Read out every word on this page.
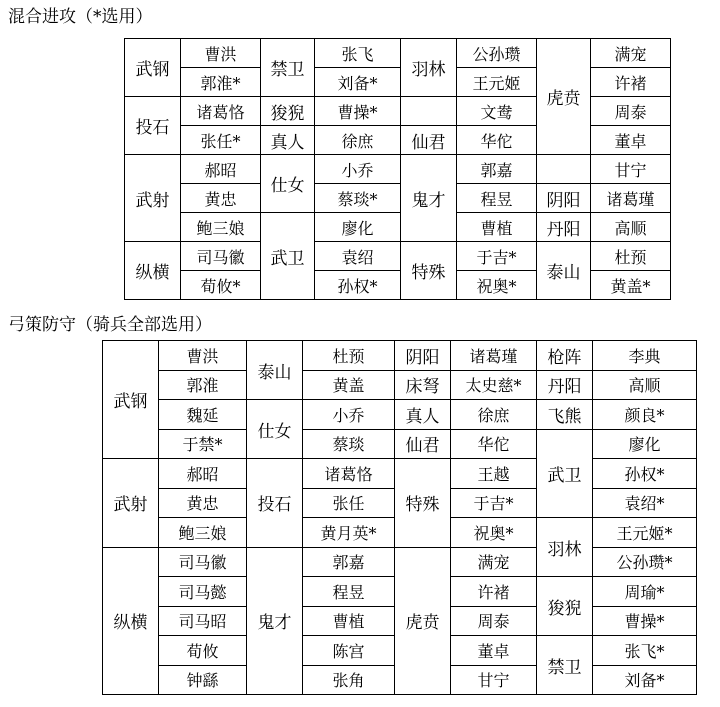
混合进攻（*选用）
武钢	曹洪	禁卫	张飞	羽林	公孙瓒	虎贲	满宠
	郭淮*		刘备*		王元姬		许褚
投石	诸葛恪	狻猊	曹操*		文鸯		周泰
	张任*	真人	徐庶	仙君	华佗		董卓
武射	郝昭	仕女	小乔	鬼才	郭嘉		甘宁
	黄忠		蔡琰*		程昱	阴阳	诸葛瑾
	鲍三娘	武卫	廖化		曹植	丹阳	高顺
纵横	司马徽		袁绍	特殊	于吉*	泰山	杜预
	荀攸*		孙权*		祝奥*		黄盖*
弓策防守（骑兵全部选用）
武钢	曹洪	泰山	杜预	阴阳	诸葛瑾	枪阵	李典
	郭淮		黄盖	床弩	太史慈*	丹阳	高顺
	魏延	仕女	小乔	真人	徐庶	飞熊	颜良*
	于禁*		蔡琰	仙君	华佗	武卫	廖化
武射	郝昭	投石	诸葛恪	特殊	王越		孙权*
	黄忠		张任		于吉*		袁绍*
	鲍三娘		黄月英*		祝奥*	羽林	王元姬*
纵横	司马徽	鬼才	郭嘉	虎贲	满宠		公孙瓒*
	司马懿		程昱		许褚	狻猊	周瑜*
	司马昭		曹植		周泰		曹操*
	荀攸		陈宫		董卓	禁卫	张飞*
	钟繇		张角		甘宁		刘备*
